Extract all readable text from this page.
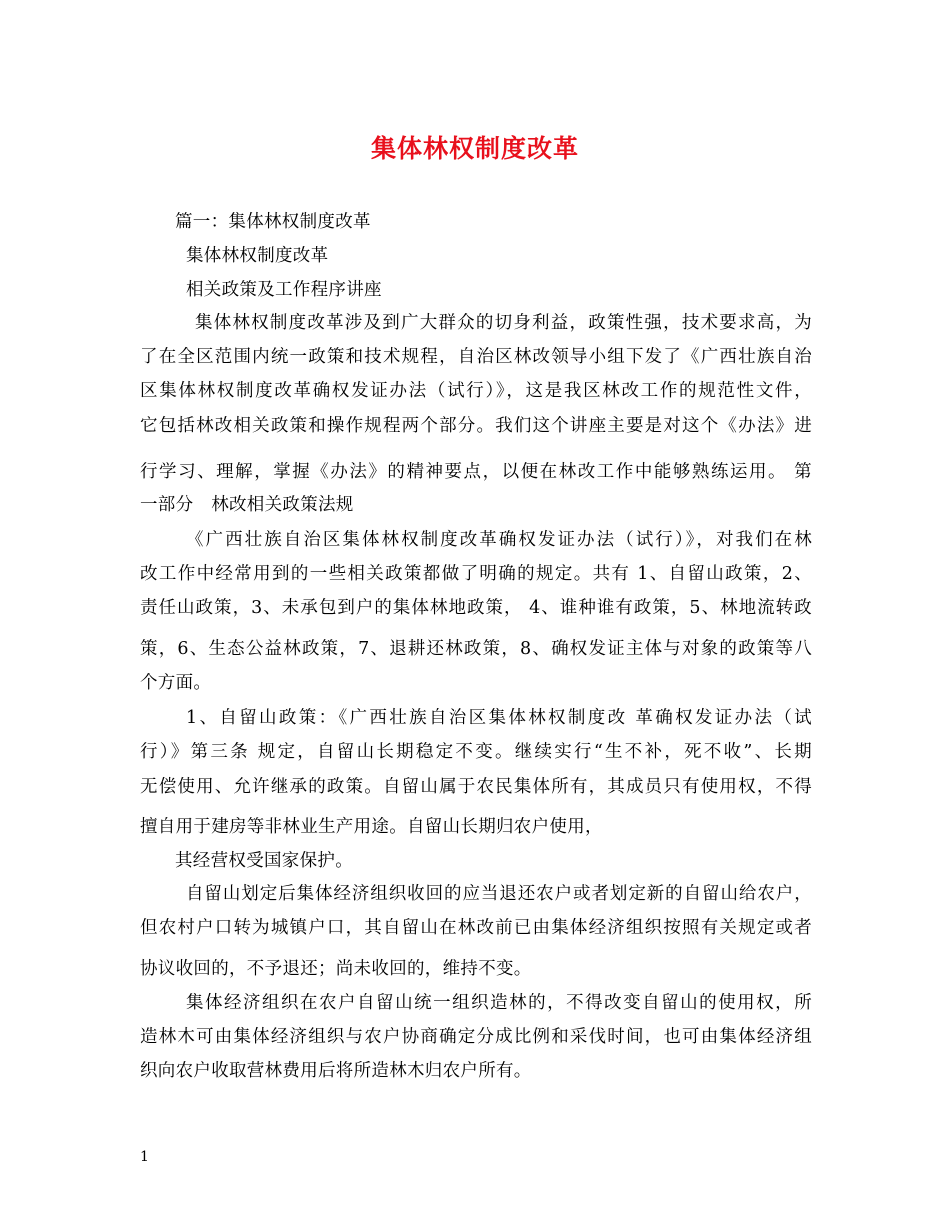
集体林权制度改革
篇一：集体林权制度改革
集体林权制度改革
相关政策及工作程序讲座
集体林权制度改革涉及到广大群众的切身利益，政策性强，技术要求高，为
了在全区范围内统一政策和技术规程，自治区林改领导小组下发了《广西壮族自治
区集体林权制度改革确权发证办法（试行）》，这是我区林改工作的规范性文件，
它包括林改相关政策和操作规程两个部分。我们这个讲座主要是对这个《办法》进
行学习、理解，掌握《办法》的精神要点，以便在林改工作中能够熟练运用。 第
一部分　林改相关政策法规
《广西壮族自治区集体林权制度改革确权发证办法（试行）》，对我们在林
改工作中经常用到的一些相关政策都做了明确的规定。共有 1、自留山政策，2、
责任山政策，3、未承包到户的集体林地政策， 4、谁种谁有政策，5、林地流转政
策，6、生态公益林政策，7、退耕还林政策，8、确权发证主体与对象的政策等八
个方面。
1、自留山政策：《广西壮族自治区集体林权制度改 革确权发证办法（试
行）》第三条 规定，自留山长期稳定不变。继续实行“生不补，死不收”、长期
无偿使用、允许继承的政策。自留山属于农民集体所有，其成员只有使用权，不得
擅自用于建房等非林业生产用途。自留山长期归农户使用，
其经营权受国家保护。
自留山划定后集体经济组织收回的应当退还农户或者划定新的自留山给农户，
但农村户口转为城镇户口，其自留山在林改前已由集体经济组织按照有关规定或者
协议收回的，不予退还；尚未收回的，维持不变。
集体经济组织在农户自留山统一组织造林的，不得改变自留山的使用权，所
造林木可由集体经济组织与农户协商确定分成比例和采伐时间，也可由集体经济组
织向农户收取营林费用后将所造林木归农户所有。
1
